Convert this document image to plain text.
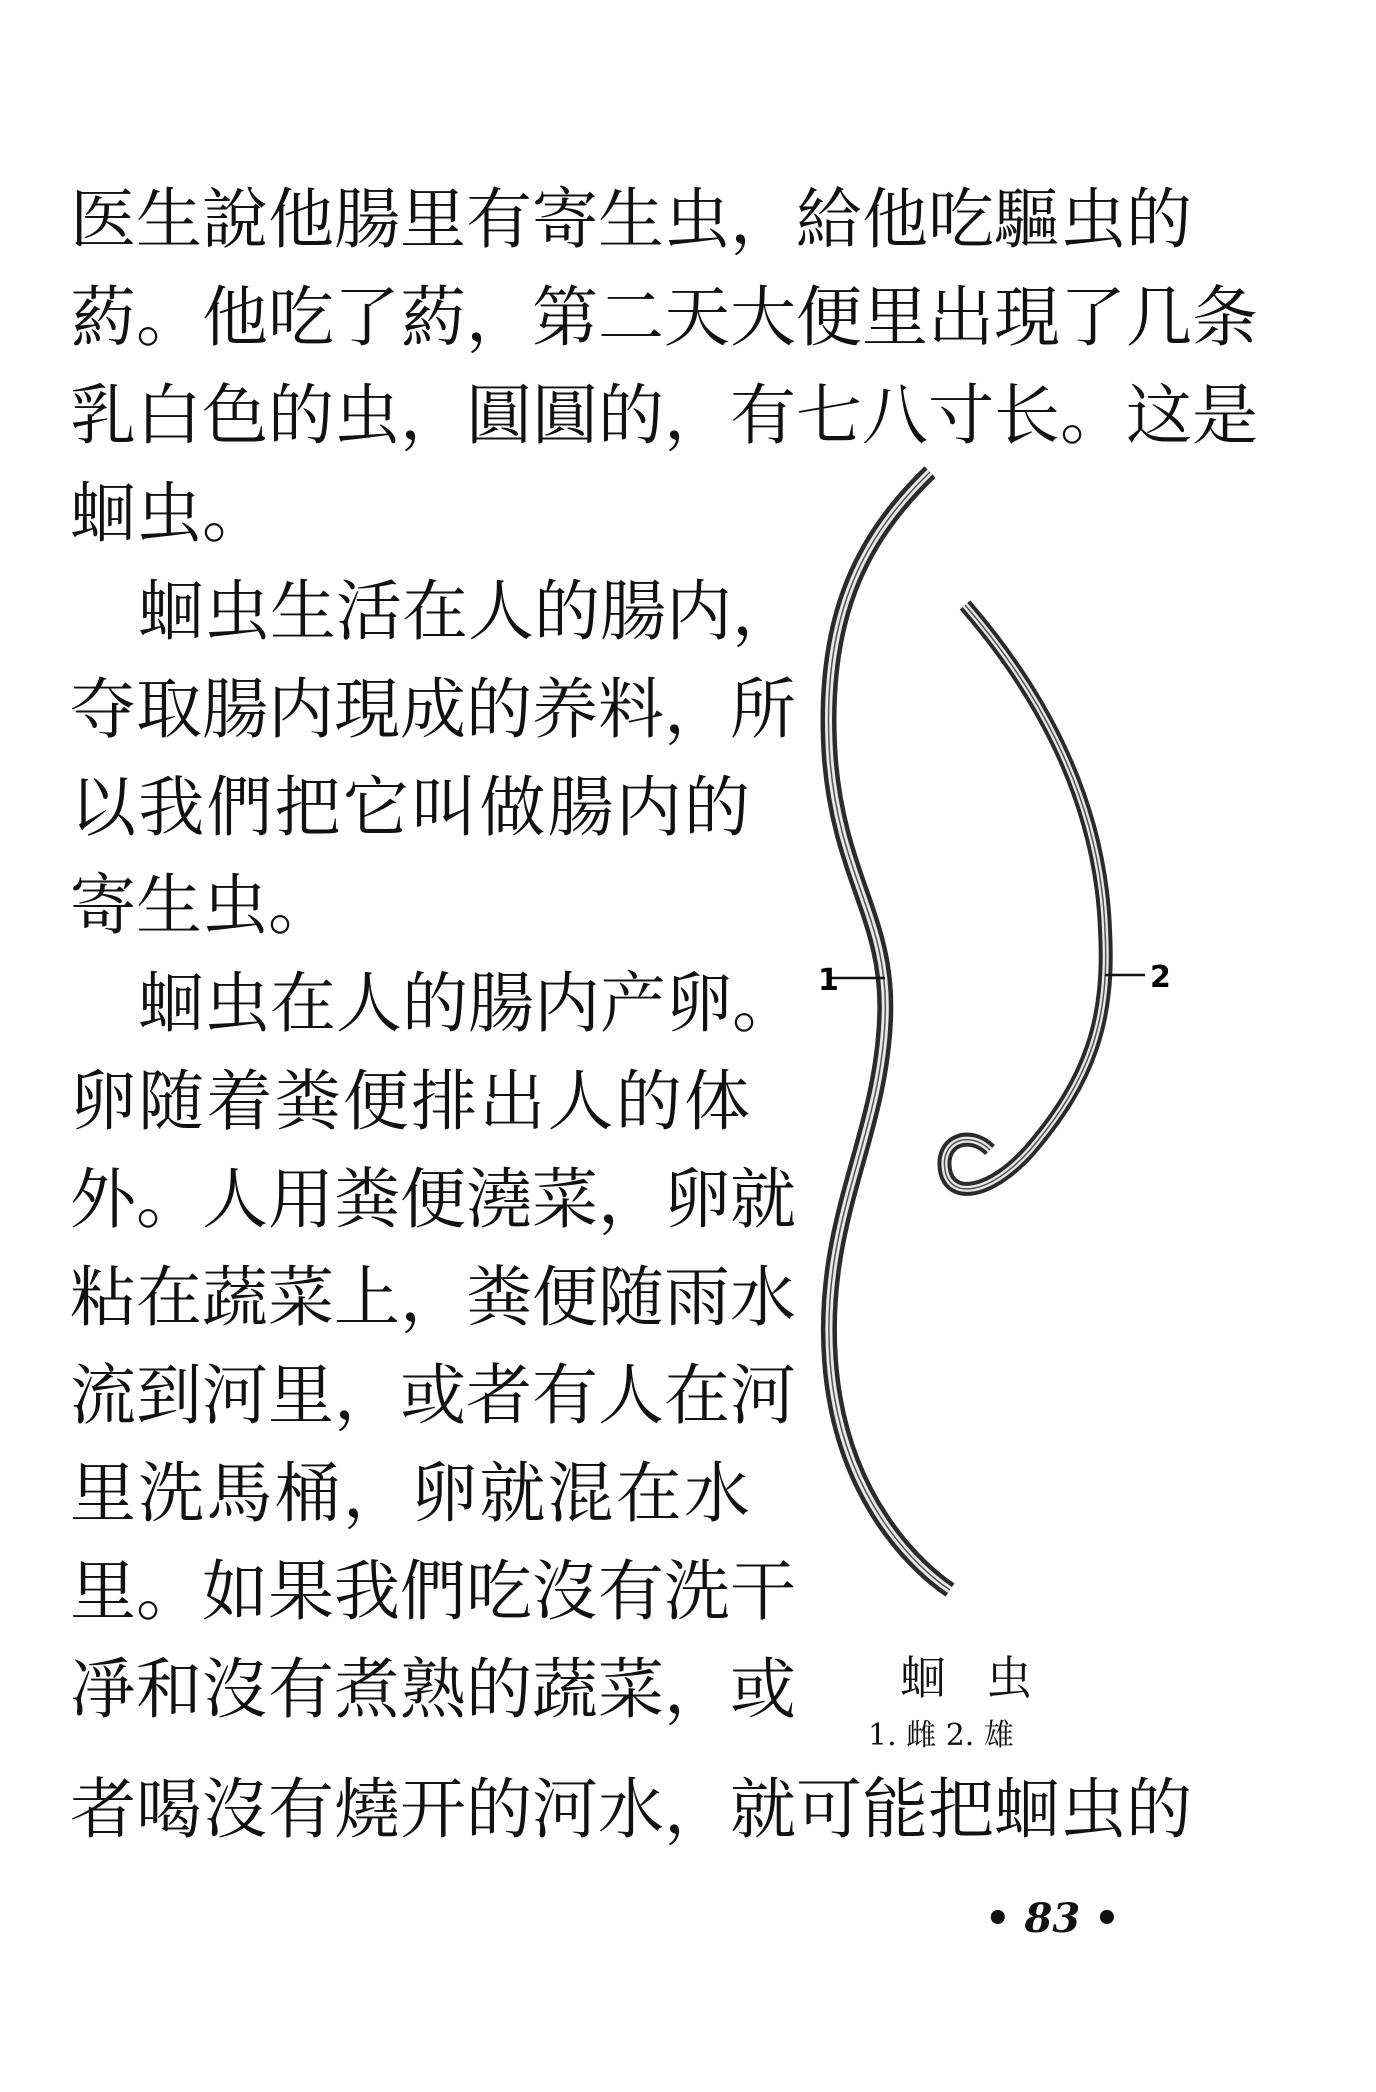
医生說他腸里有寄生虫，給他吃驅虫的
葯。他吃了葯，第二天大便里出現了几条
乳白色的虫，圓圓的，有七八寸长。这是
蛔虫。
蛔虫生活在人的腸内，
夺取腸内現成的养料，所
以我們把它叫做腸内的
寄生虫。
蛔虫在人的腸内产卵。
卵随着粪便排出人的体
外。人用粪便澆菜，卵就
粘在蔬菜上，粪便随雨水
流到河里，或者有人在河
里洗馬桶，卵就混在水
里。如果我們吃沒有洗干
凈和沒有煮熟的蔬菜，或
者喝沒有燒开的河水，就可能把蛔虫的
1	2
蛔虫
1. 雌 2. 雄
• 83 •
